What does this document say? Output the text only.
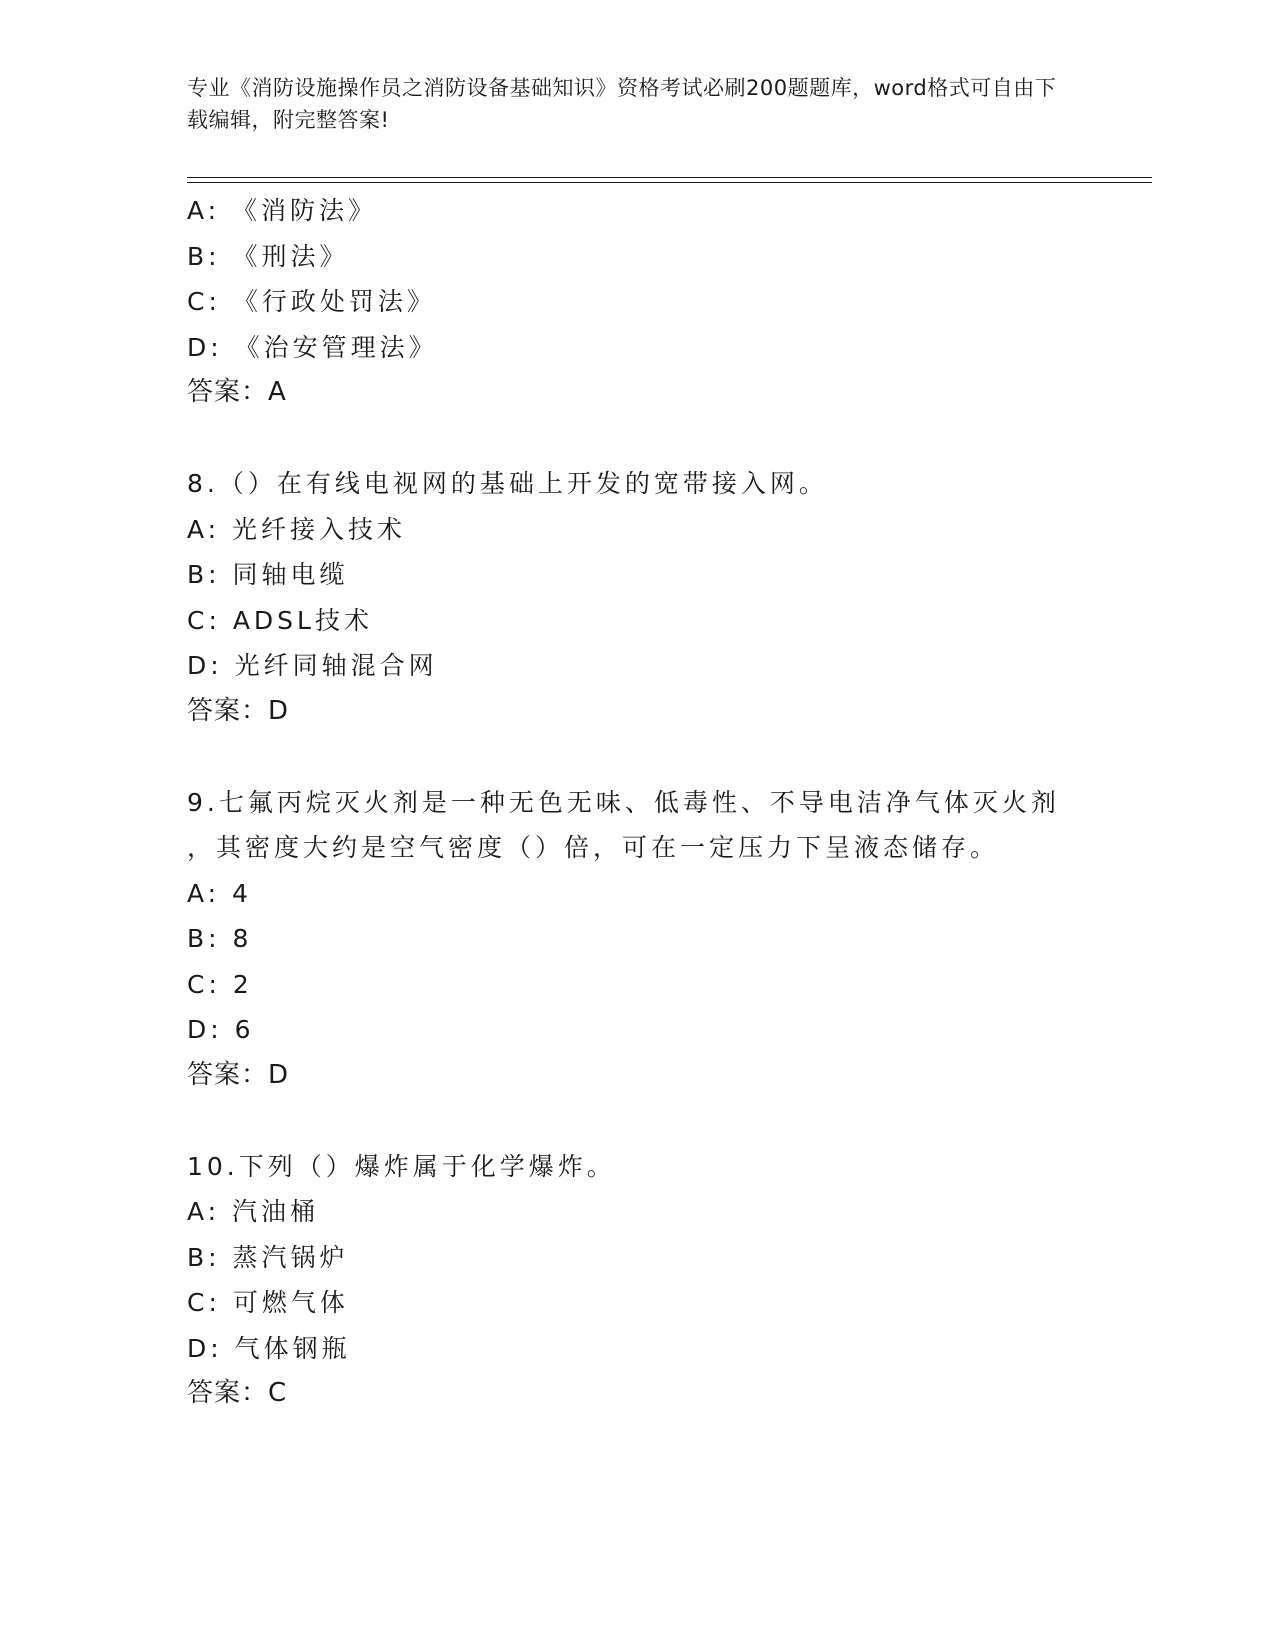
专业《消防设施操作员之消防设备基础知识》资格考试必刷200题题库，word格式可自由下载编辑，附完整答案!
A: 《消防法》
B: 《刑法》
C: 《行政处罚法》
D: 《治安管理法》
答案：A
8.（）在有线电视网的基础上开发的宽带接入网。
A: 光纤接入技术
B: 同轴电缆
C: ADSL技术
D: 光纤同轴混合网
答案：D
9.七氟丙烷灭火剂是一种无色无味、低毒性、不导电洁净气体灭火剂
，其密度大约是空气密度（）倍，可在一定压力下呈液态储存。
A: 4
B: 8
C: 2
D: 6
答案：D
10.下列（）爆炸属于化学爆炸。
A: 汽油桶
B: 蒸汽锅炉
C: 可燃气体
D: 气体钢瓶
答案：C
